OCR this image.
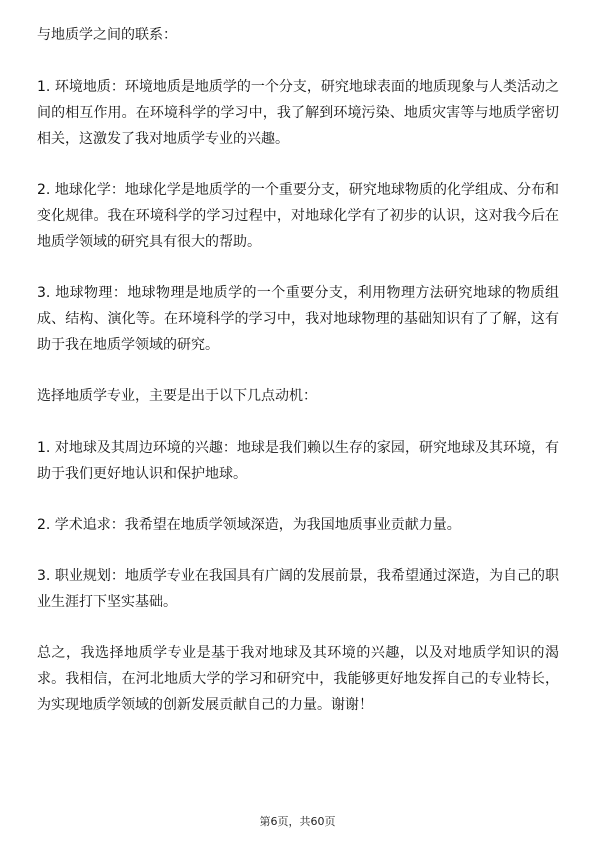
与地质学之间的联系：

1. 环境地质：环境地质是地质学的一个分支，研究地球表面的地质现象与人类活动之间的相互作用。在环境科学的学习中，我了解到环境污染、地质灾害等与地质学密切相关，这激发了我对地质学专业的兴趣。

2. 地球化学：地球化学是地质学的一个重要分支，研究地球物质的化学组成、分布和变化规律。我在环境科学的学习过程中，对地球化学有了初步的认识，这对我今后在地质学领域的研究具有很大的帮助。

3. 地球物理：地球物理是地质学的一个重要分支，利用物理方法研究地球的物质组成、结构、演化等。在环境科学的学习中，我对地球物理的基础知识有了了解，这有助于我在地质学领域的研究。

选择地质学专业，主要是出于以下几点动机：

1. 对地球及其周边环境的兴趣：地球是我们赖以生存的家园，研究地球及其环境，有助于我们更好地认识和保护地球。

2. 学术追求：我希望在地质学领域深造，为我国地质事业贡献力量。

3. 职业规划：地质学专业在我国具有广阔的发展前景，我希望通过深造，为自己的职业生涯打下坚实基础。

总之，我选择地质学专业是基于我对地球及其环境的兴趣，以及对地质学知识的渴求。我相信，在河北地质大学的学习和研究中，我能够更好地发挥自己的专业特长，为实现地质学领域的创新发展贡献自己的力量。谢谢！

第6页，共60页
